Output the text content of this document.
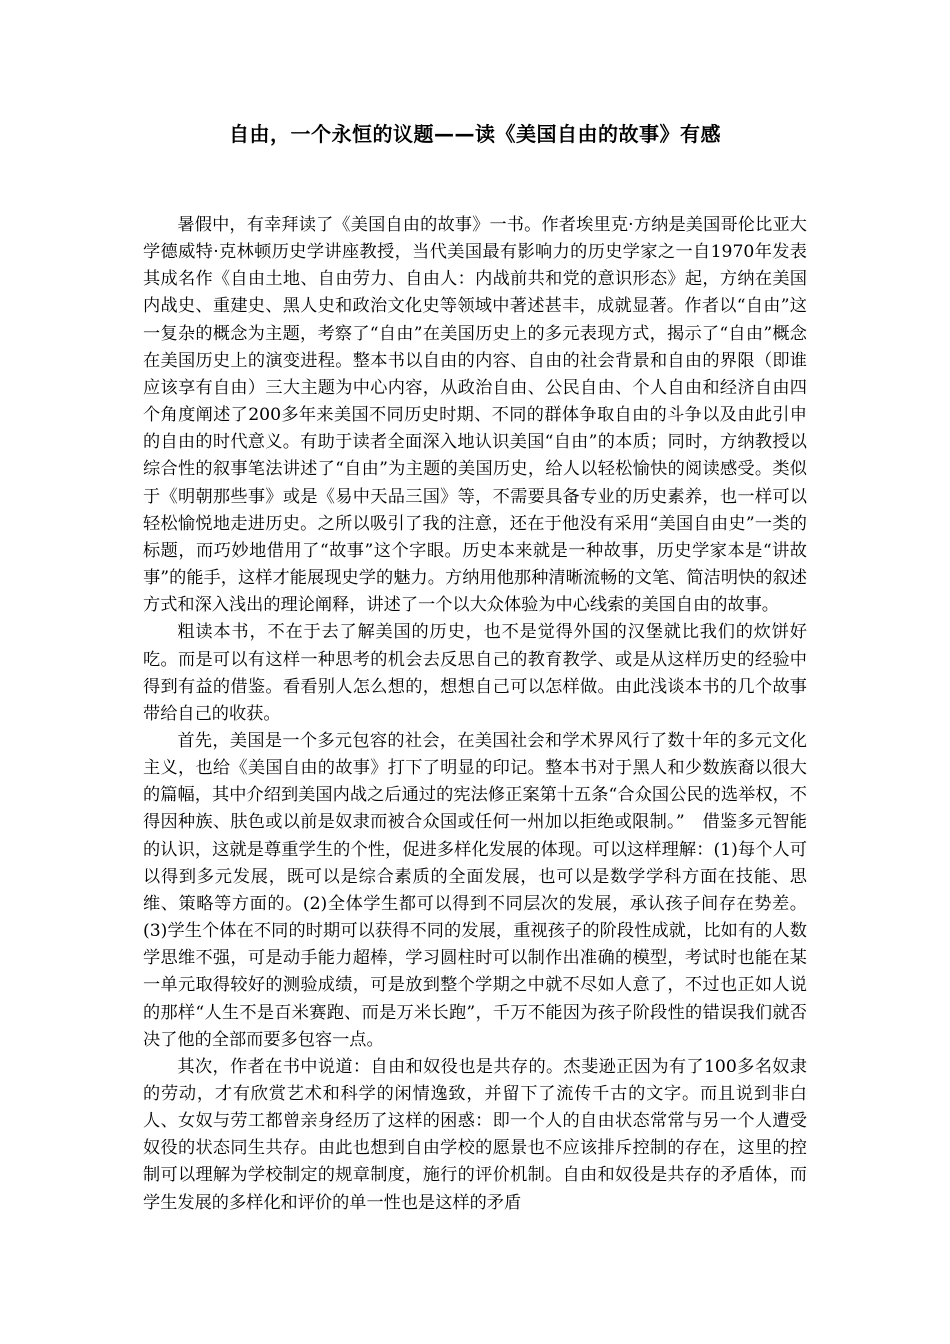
自由，一个永恒的议题——读《美国自由的故事》有感

暑假中，有幸拜读了《美国自由的故事》一书。作者埃里克·方纳是美国哥伦比亚大学德威特·克林顿历史学讲座教授，当代美国最有影响力的历史学家之一自1970年发表其成名作《自由土地、自由劳力、自由人：内战前共和党的意识形态》起，方纳在美国内战史、重建史、黑人史和政治文化史等领域中著述甚丰，成就显著。作者以“自由”这一复杂的概念为主题，考察了“自由”在美国历史上的多元表现方式，揭示了“自由”概念在美国历史上的演变进程。整本书以自由的内容、自由的社会背景和自由的界限（即谁应该享有自由）三大主题为中心内容，从政治自由、公民自由、个人自由和经济自由四个角度阐述了200多年来美国不同历史时期、不同的群体争取自由的斗争以及由此引申的自由的时代意义。有助于读者全面深入地认识美国“自由”的本质；同时，方纳教授以综合性的叙事笔法讲述了“自由”为主题的美国历史，给人以轻松愉快的阅读感受。类似于《明朝那些事》或是《易中天品三国》等，不需要具备专业的历史素养，也一样可以轻松愉悦地走进历史。之所以吸引了我的注意，还在于他没有采用“美国自由史”一类的标题，而巧妙地借用了“故事”这个字眼。历史本来就是一种故事，历史学家本是“讲故事”的能手，这样才能展现史学的魅力。方纳用他那种清晰流畅的文笔、简洁明快的叙述方式和深入浅出的理论阐释，讲述了一个以大众体验为中心线索的美国自由的故事。

粗读本书，不在于去了解美国的历史，也不是觉得外国的汉堡就比我们的炊饼好吃。而是可以有这样一种思考的机会去反思自己的教育教学、或是从这样历史的经验中得到有益的借鉴。看看别人怎么想的，想想自己可以怎样做。由此浅谈本书的几个故事带给自己的收获。

首先，美国是一个多元包容的社会，在美国社会和学术界风行了数十年的多元文化主义，也给《美国自由的故事》打下了明显的印记。整本书对于黑人和少数族裔以很大的篇幅，其中介绍到美国内战之后通过的宪法修正案第十五条“合众国公民的选举权，不得因种族、肤色或以前是奴隶而被合众国或任何一州加以拒绝或限制。”　借鉴多元智能的认识，这就是尊重学生的个性，促进多样化发展的体现。可以这样理解：(1)每个人可以得到多元发展，既可以是综合素质的全面发展，也可以是数学学科方面在技能、思维、策略等方面的。(2)全体学生都可以得到不同层次的发展，承认孩子间存在势差。(3)学生个体在不同的时期可以获得不同的发展，重视孩子的阶段性成就，比如有的人数学思维不强，可是动手能力超棒，学习圆柱时可以制作出准确的模型，考试时也能在某一单元取得较好的测验成绩，可是放到整个学期之中就不尽如人意了，不过也正如人说的那样“人生不是百米赛跑、而是万米长跑”，千万不能因为孩子阶段性的错误我们就否决了他的全部而要多包容一点。

其次，作者在书中说道：自由和奴役也是共存的。杰斐逊正因为有了100多名奴隶的劳动，才有欣赏艺术和科学的闲情逸致，并留下了流传千古的文字。而且说到非白人、女奴与劳工都曾亲身经历了这样的困惑：即一个人的自由状态常常与另一个人遭受奴役的状态同生共存。由此也想到自由学校的愿景也不应该排斥控制的存在，这里的控制可以理解为学校制定的规章制度，施行的评价机制。自由和奴役是共存的矛盾体，而学生发展的多样化和评价的单一性也是这样的矛盾
